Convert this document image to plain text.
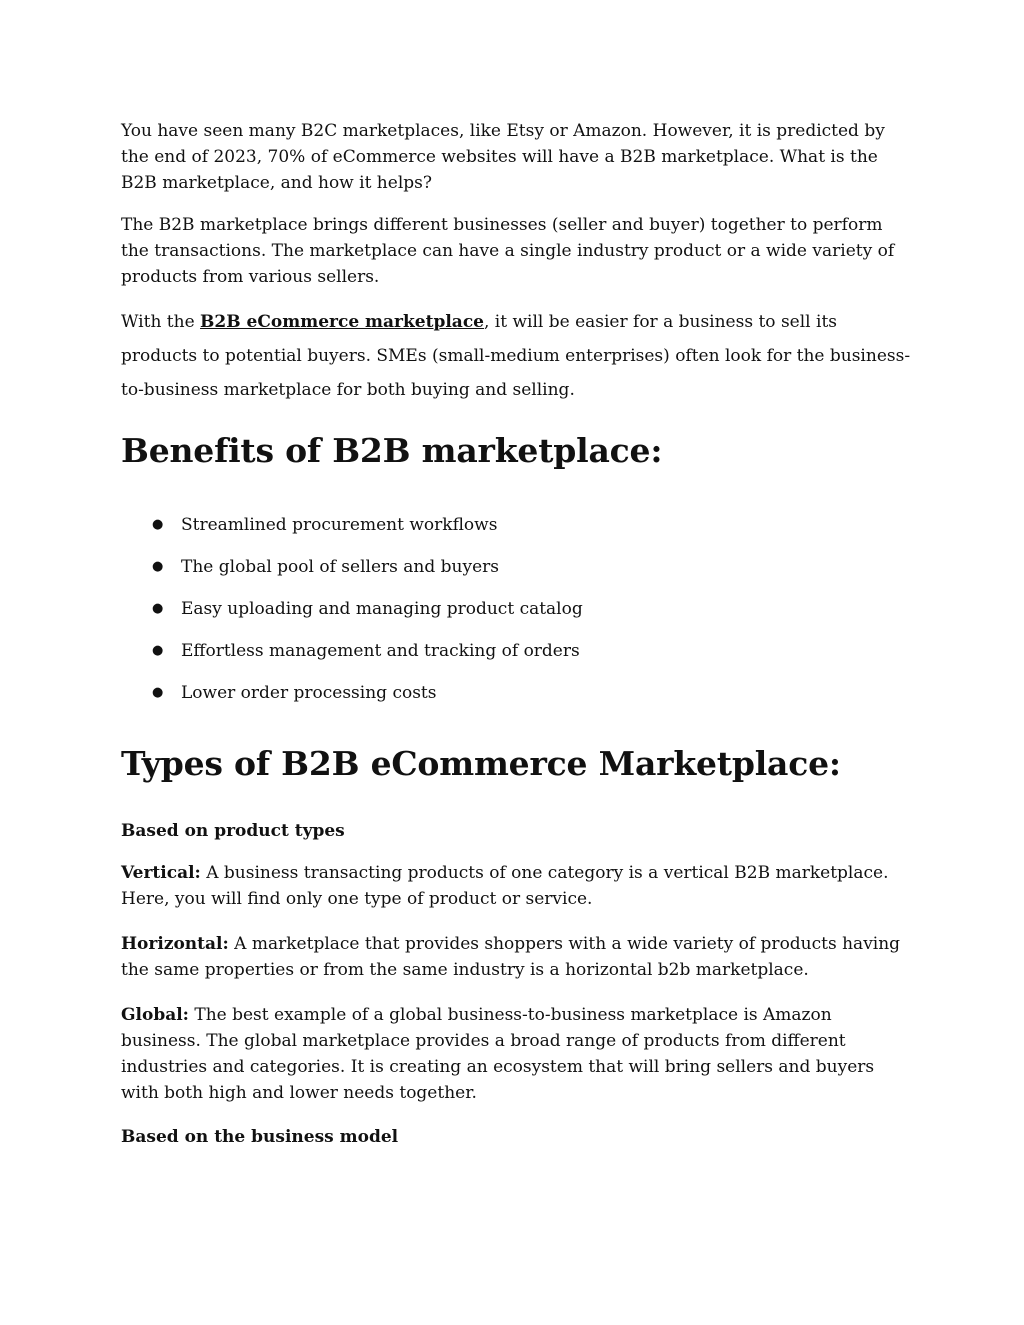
You have seen many B2C marketplaces, like Etsy or Amazon. However, it is predicted by the end of 2023, 70% of eCommerce websites will have a B2B marketplace. What is the B2B marketplace, and how it helps?

The B2B marketplace brings different businesses (seller and buyer) together to perform the transactions. The marketplace can have a single industry product or a wide variety of products from various sellers.

With the B2B eCommerce marketplace, it will be easier for a business to sell its products to potential buyers. SMEs (small-medium enterprises) often look for the business-to-business marketplace for both buying and selling.

Benefits of B2B marketplace:
● Streamlined procurement workflows
● The global pool of sellers and buyers
● Easy uploading and managing product catalog
● Effortless management and tracking of orders
● Lower order processing costs
Types of B2B eCommerce Marketplace:

Based on product types

Vertical: A business transacting products of one category is a vertical B2B marketplace. Here, you will find only one type of product or service.

Horizontal: A marketplace that provides shoppers with a wide variety of products having the same properties or from the same industry is a horizontal b2b marketplace.

Global: The best example of a global business-to-business marketplace is Amazon business. The global marketplace provides a broad range of products from different industries and categories. It is creating an ecosystem that will bring sellers and buyers with both high and lower needs together.

Based on the business model
